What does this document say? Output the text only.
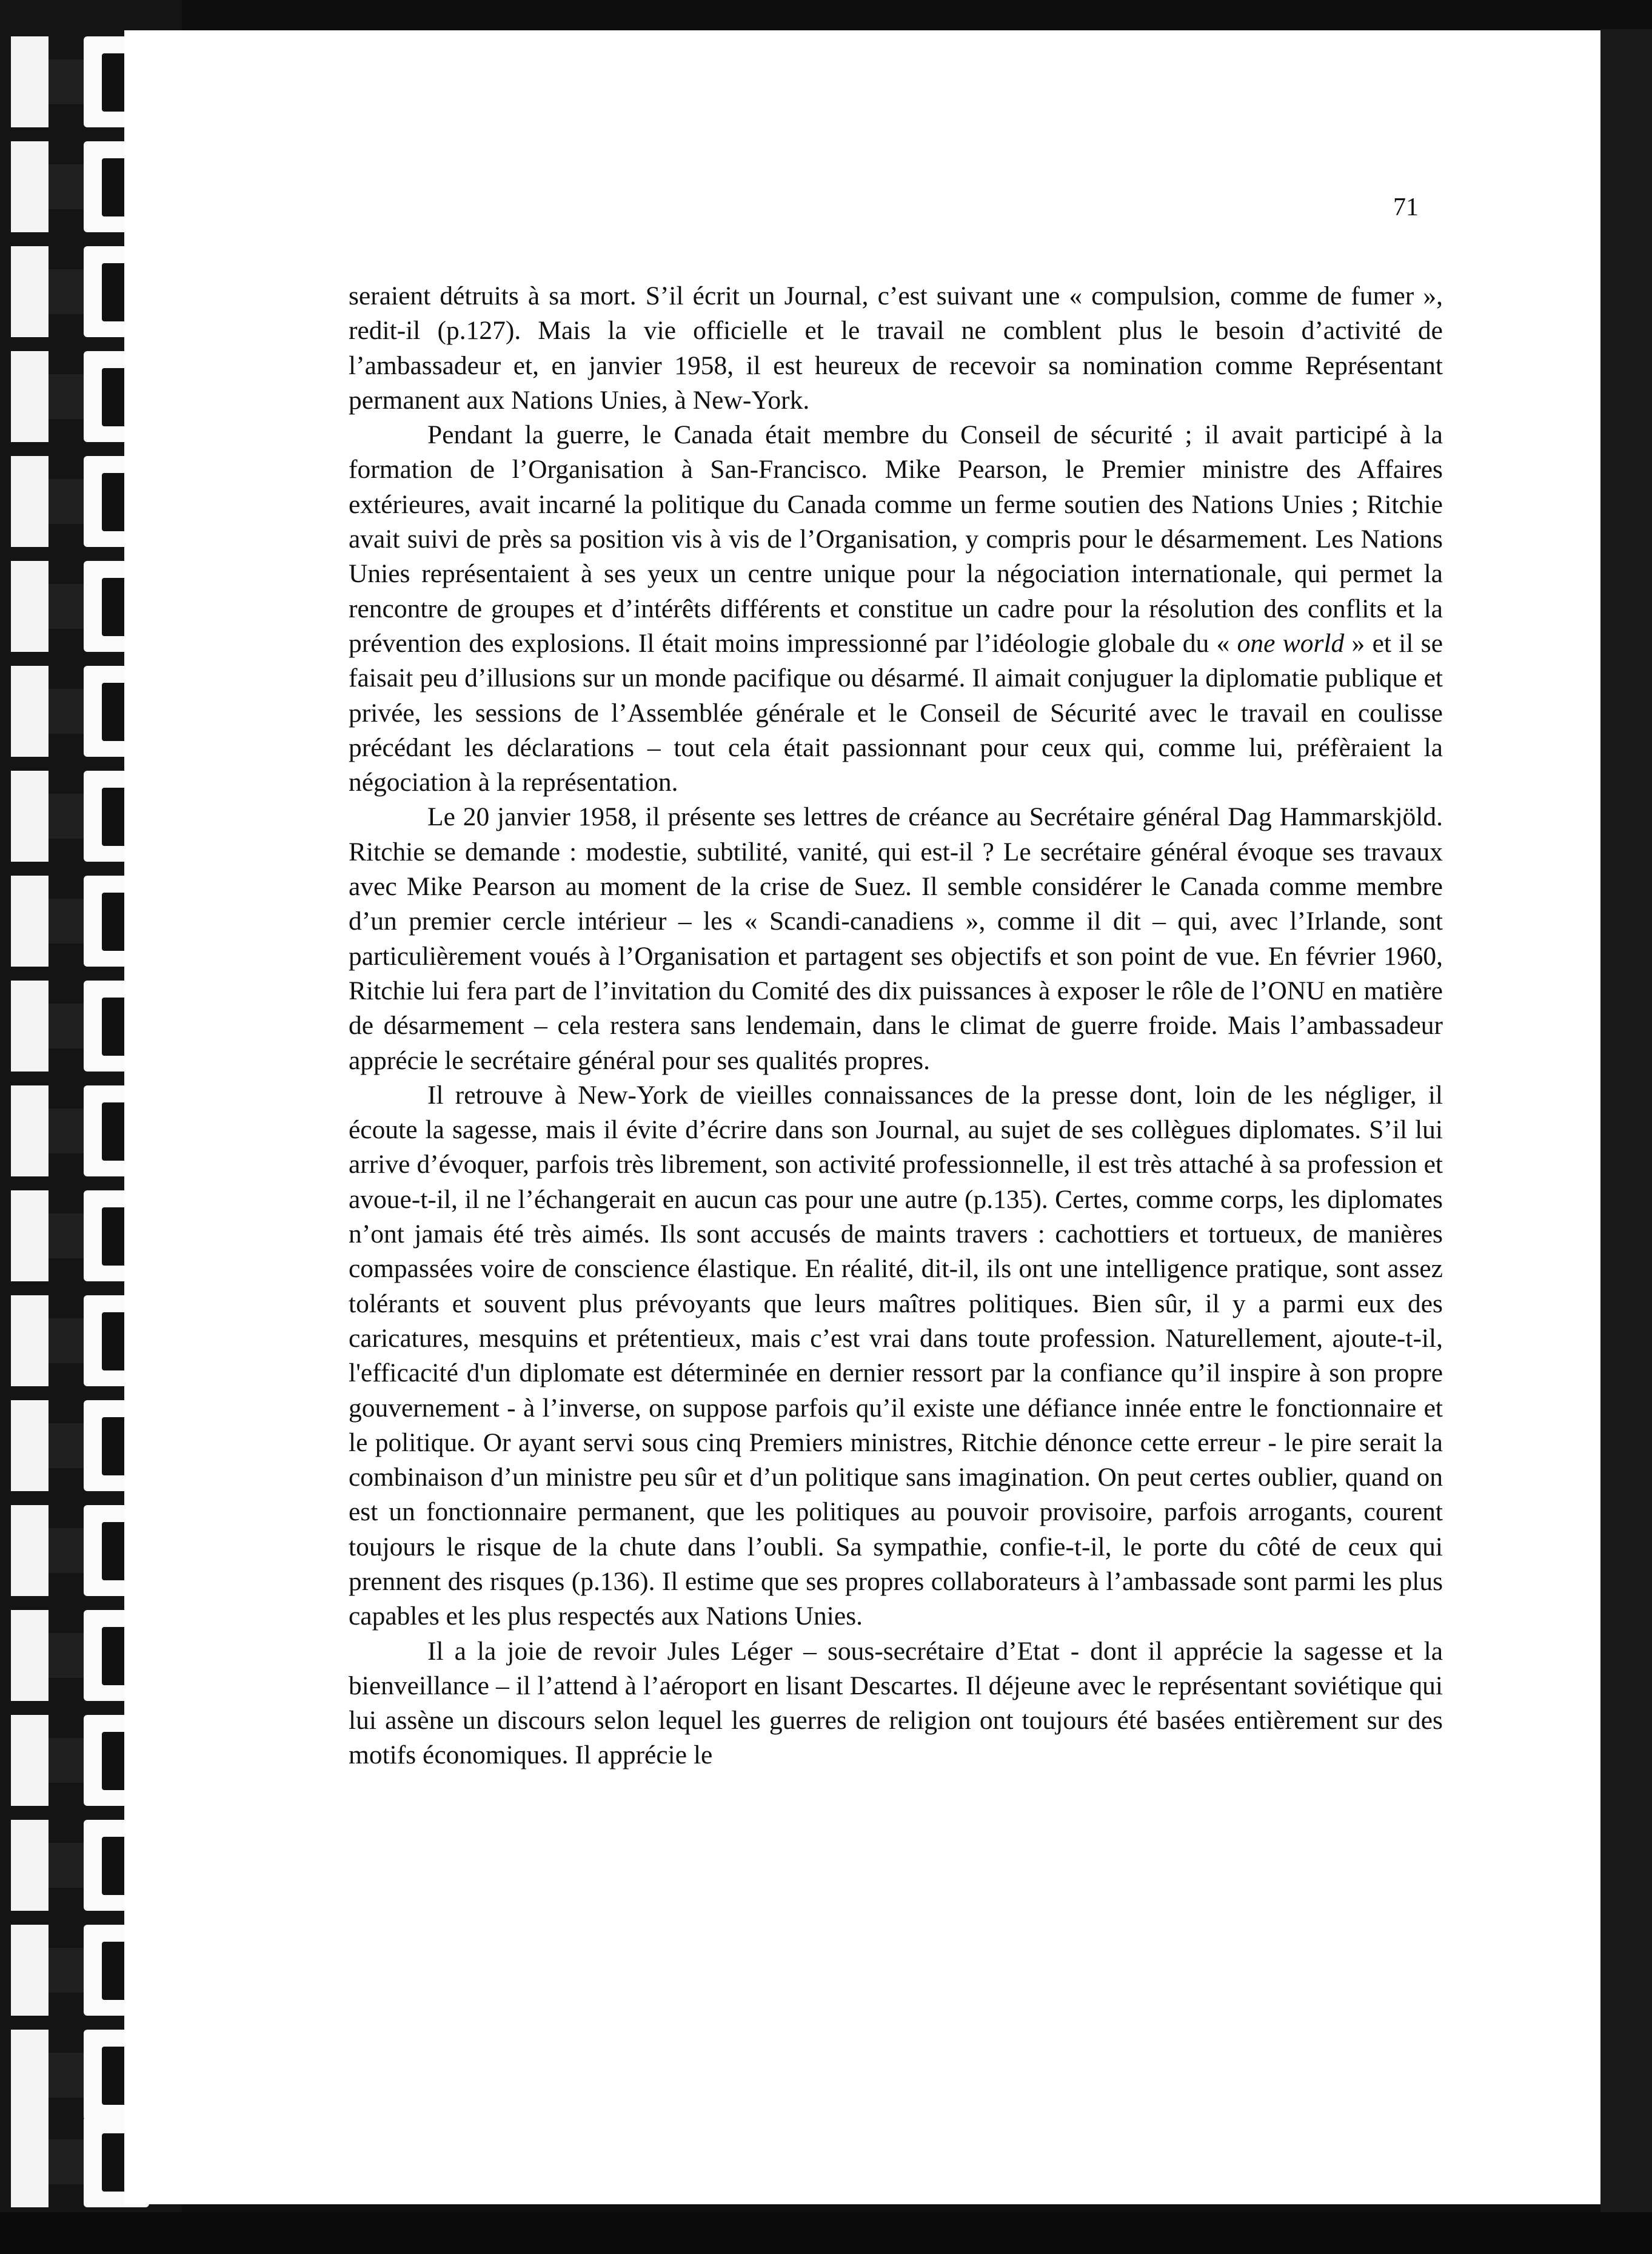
71

seraient détruits à sa mort. S’il écrit un Journal, c’est suivant une « compulsion, comme de fumer », redit-il (p.127). Mais la vie officielle et le travail ne comblent plus le besoin d’activité de l’ambassadeur et, en janvier 1958, il est heureux de recevoir sa nomination comme Représentant permanent aux Nations Unies, à New-York.

Pendant la guerre, le Canada était membre du Conseil de sécurité ; il avait participé à la formation de l’Organisation à San-Francisco. Mike Pearson, le Premier ministre des Affaires extérieures, avait incarné la politique du Canada comme un ferme soutien des Nations Unies ; Ritchie avait suivi de près sa position vis à vis de l’Organisation, y compris pour le désarmement. Les Nations Unies représentaient à ses yeux un centre unique pour la négociation internationale, qui permet la rencontre de groupes et d’intérêts différents et constitue un cadre pour la résolution des conflits et la prévention des explosions. Il était moins impressionné par l’idéologie globale du « one world » et il se faisait peu d’illusions sur un monde pacifique ou désarmé. Il aimait conjuguer la diplomatie publique et privée, les sessions de l’Assemblée générale et le Conseil de Sécurité avec le travail en coulisse précédant les déclarations – tout cela était passionnant pour ceux qui, comme lui, préfèraient la négociation à la représentation.

Le 20 janvier 1958, il présente ses lettres de créance au Secrétaire général Dag Hammarskjöld. Ritchie se demande : modestie, subtilité, vanité, qui est-il ? Le secrétaire général évoque ses travaux avec Mike Pearson au moment de la crise de Suez. Il semble considérer le Canada comme membre d’un premier cercle intérieur – les « Scandi-canadiens », comme il dit – qui, avec l’Irlande, sont particulièrement voués à l’Organisation et partagent ses objectifs et son point de vue. En février 1960, Ritchie lui fera part de l’invitation du Comité des dix puissances à exposer le rôle de l’ONU en matière de désarmement – cela restera sans lendemain, dans le climat de guerre froide. Mais l’ambassadeur apprécie le secrétaire général pour ses qualités propres.

Il retrouve à New-York de vieilles connaissances de la presse dont, loin de les négliger, il écoute la sagesse, mais il évite d’écrire dans son Journal, au sujet de ses collègues diplomates. S’il lui arrive d’évoquer, parfois très librement, son activité professionnelle, il est très attaché à sa profession et avoue-t-il, il ne l’échangerait en aucun cas pour une autre (p.135). Certes, comme corps, les diplomates n’ont jamais été très aimés. Ils sont accusés de maints travers : cachottiers et tortueux, de manières compassées voire de conscience élastique. En réalité, dit-il, ils ont une intelligence pratique, sont assez tolérants et souvent plus prévoyants que leurs maîtres politiques. Bien sûr, il y a parmi eux des caricatures, mesquins et prétentieux, mais c’est vrai dans toute profession. Naturellement, ajoute-t-il, l'efficacité d'un diplomate est déterminée en dernier ressort par la confiance qu’il inspire à son propre gouvernement - à l’inverse, on suppose parfois qu’il existe une défiance innée entre le fonctionnaire et le politique. Or ayant servi sous cinq Premiers ministres, Ritchie dénonce cette erreur - le pire serait la combinaison d’un ministre peu sûr et d’un politique sans imagination. On peut certes oublier, quand on est un fonctionnaire permanent, que les politiques au pouvoir provisoire, parfois arrogants, courent toujours le risque de la chute dans l’oubli. Sa sympathie, confie-t-il, le porte du côté de ceux qui prennent des risques (p.136). Il estime que ses propres collaborateurs à l’ambassade sont parmi les plus capables et les plus respectés aux Nations Unies.

Il a la joie de revoir Jules Léger – sous-secrétaire d’Etat - dont il apprécie la sagesse et la bienveillance – il l’attend à l’aéroport en lisant Descartes. Il déjeune avec le représentant soviétique qui lui assène un discours selon lequel les guerres de religion ont toujours été basées entièrement sur des motifs économiques. Il apprécie le
